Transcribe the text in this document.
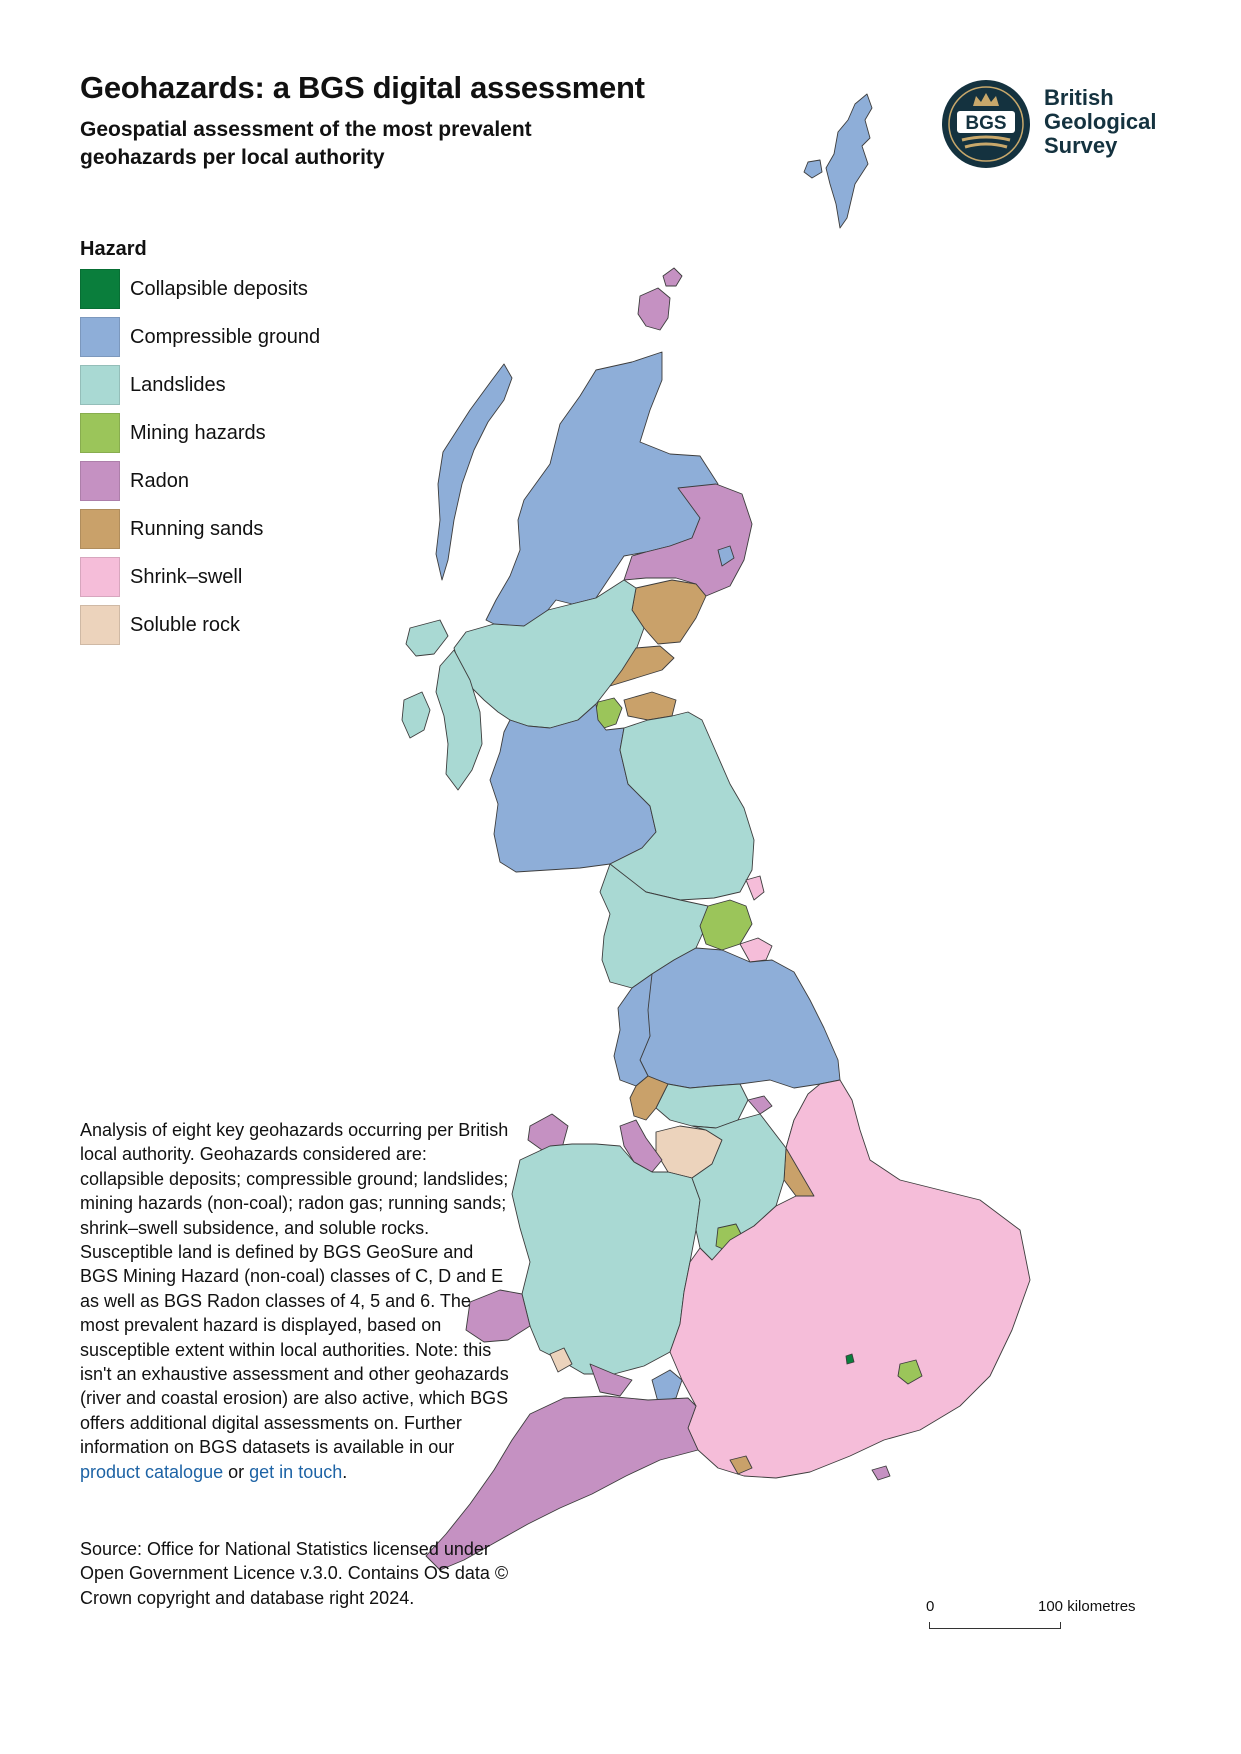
Geohazards: a BGS digital assessment
Geospatial assessment of the most prevalent geohazards per local authority
BGS
British
Geological
Survey
Hazard
Collapsible deposits
Compressible ground
Landslides
Mining hazards
Radon
Running sands
Shrink–swell
Soluble rock

Analysis of eight key geohazards occurring per British local authority. Geohazards considered are: collapsible deposits; compressible ground; landslides; mining hazards (non-coal); radon gas; running sands; shrink–swell subsidence, and soluble rocks. Susceptible land is defined by BGS GeoSure and BGS Mining Hazard (non-coal) classes of C, D and E as well as BGS Radon classes of 4, 5 and 6. The most prevalent hazard is displayed, based on susceptible extent within local authorities. Note: this isn't an exhaustive assessment and other geohazards (river and coastal erosion) are also active, which BGS offers additional digital assessments on. Further information on BGS datasets is available in our product catalogue or get in touch.

Source: Office for National Statistics licensed under Open Government Licence v.3.0. Contains OS data © Crown copyright and database right 2024.	0	100 kilometres
